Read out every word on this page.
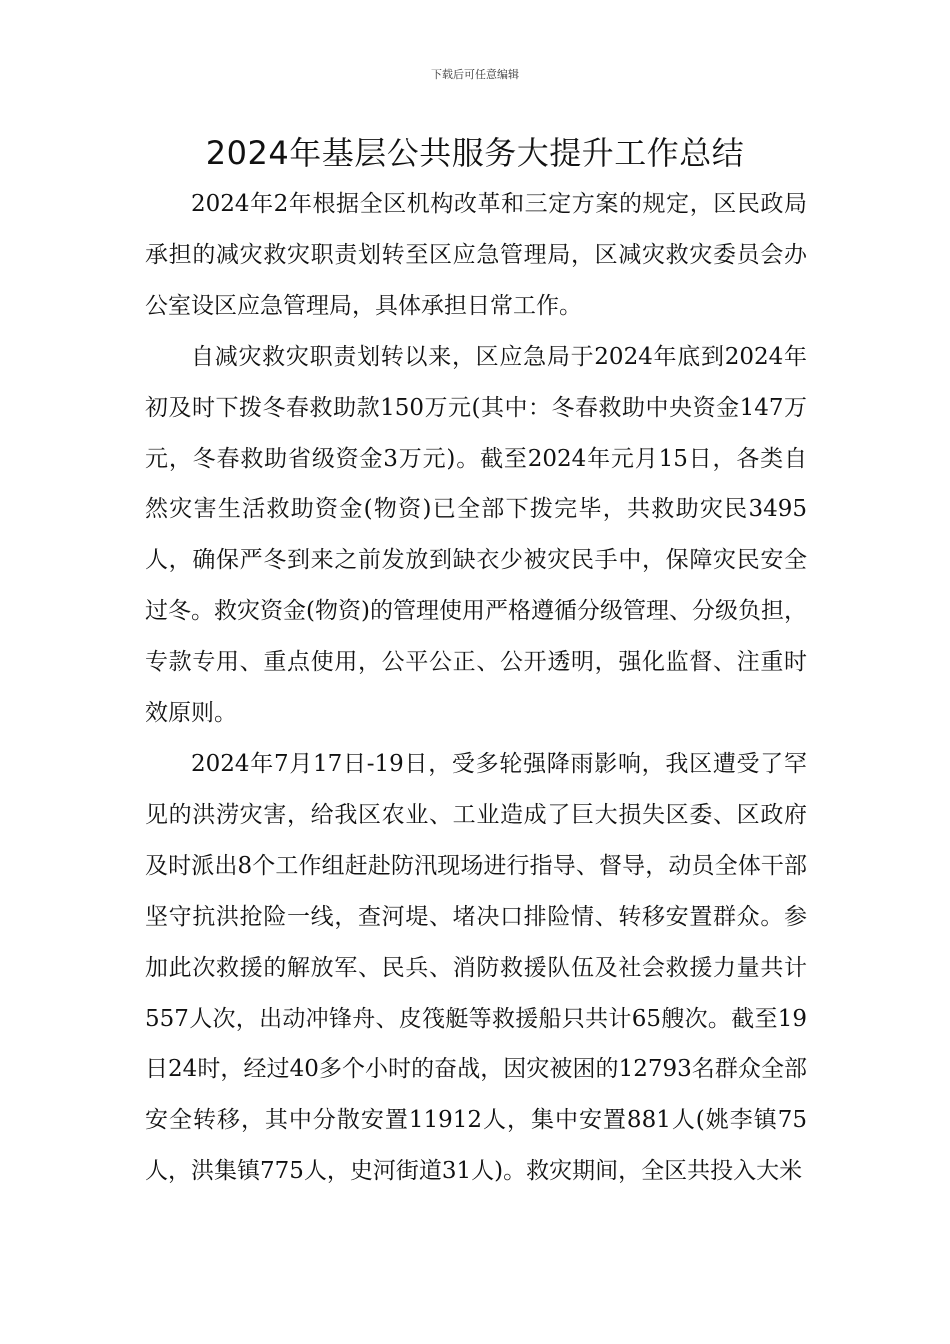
下载后可任意编辑
2024年基层公共服务大提升工作总结

2024年2年根据全区机构改革和三定方案的规定，区民政局承担的减灾救灾职责划转至区应急管理局，区减灾救灾委员会办公室设区应急管理局，具体承担日常工作。

自减灾救灾职责划转以来，区应急局于2024年底到2024年初及时下拨冬春救助款150万元(其中：冬春救助中央资金147万元，冬春救助省级资金3万元)。截至2024年元月15日，各类自然灾害生活救助资金(物资)已全部下拨完毕，共救助灾民3495人，确保严冬到来之前发放到缺衣少被灾民手中，保障灾民安全过冬。救灾资金(物资)的管理使用严格遵循分级管理、分级负担，专款专用、重点使用，公平公正、公开透明，强化监督、注重时效原则。

2024年7月17日-19日，受多轮强降雨影响，我区遭受了罕见的洪涝灾害，给我区农业、工业造成了巨大损失区委、区政府及时派出8个工作组赶赴防汛现场进行指导、督导，动员全体干部坚守抗洪抢险一线，查河堤、堵决口排险情、转移安置群众。参加此次救援的解放军、民兵、消防救援队伍及社会救援力量共计557人次，出动冲锋舟、皮筏艇等救援船只共计65艘次。截至19日24时，经过40多个小时的奋战，因灾被困的12793名群众全部安全转移，其中分散安置11912人，集中安置881人(姚李镇75人，洪集镇775人，史河街道31人)。救灾期间，全区共投入大米
